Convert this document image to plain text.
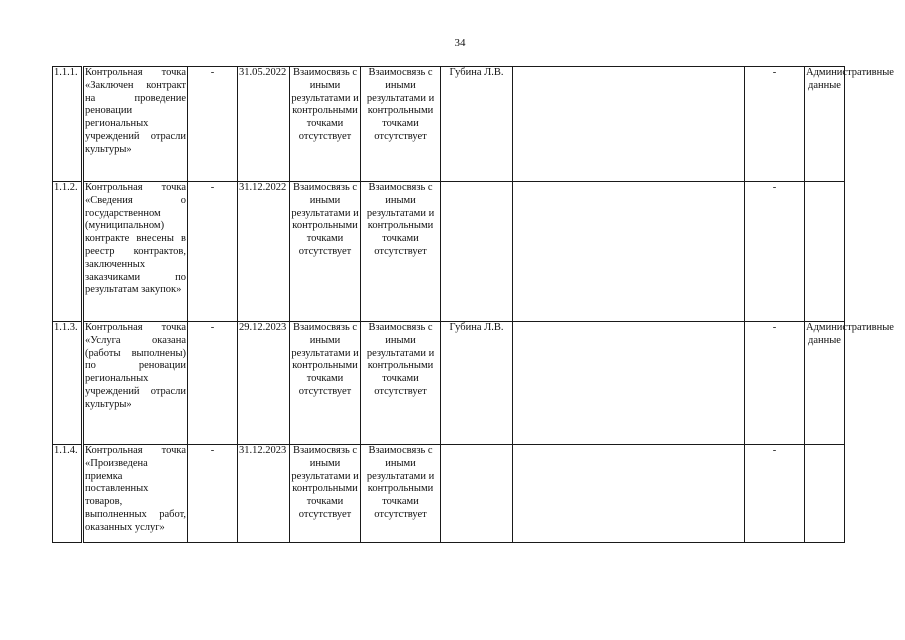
34
1.1.1.	Контрольная точка «Заключен контракт на проведение реновации региональных учреждений отрасли культуры»	-	31.05.2022	Взаимосвязь с иными результатами и контрольными точками отсутствует	Взаимосвязь с иными результатами и контрольными точками отсутствует	Губина Л.В.		-	Административные данные
1.1.2.	Контрольная точка «Сведения о государственном (муниципальном) контракте внесены в реестр контрактов, заключенных заказчиками по результатам закупок»	-	31.12.2022	Взаимосвязь с иными результатами и контрольными точками отсутствует	Взаимосвязь с иными результатами и контрольными точками отсутствует			-	
1.1.3.	Контрольная точка «Услуга оказана (работы выполнены) по реновации региональных учреждений отрасли культуры»	-	29.12.2023	Взаимосвязь с иными результатами и контрольными точками отсутствует	Взаимосвязь с иными результатами и контрольными точками отсутствует	Губина Л.В.		-	Административные данные
1.1.4.	Контрольная точка «Произведена приемка поставленных товаров, выполненных работ, оказанных услуг»	-	31.12.2023	Взаимосвязь с иными результатами и контрольными точками отсутствует	Взаимосвязь с иными результатами и контрольными точками отсутствует			-	
